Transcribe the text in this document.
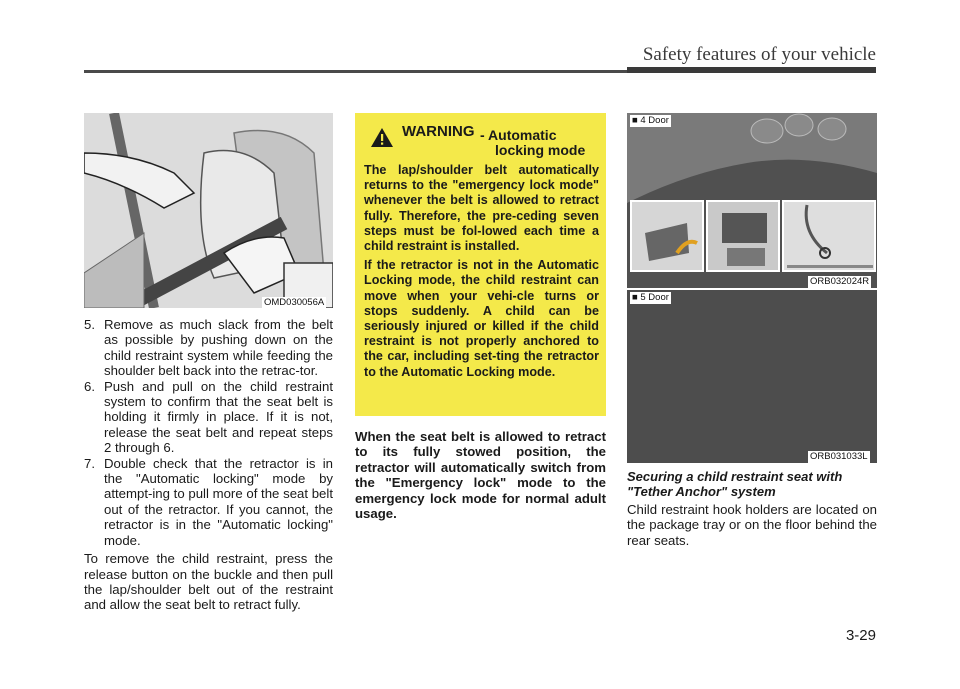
Safety features of your vehicle
OMD030056A
5. Remove as much slack from the belt as possible by pushing down on the child restraint system while feeding the shoulder belt back into the retrac-tor.
6. Push and pull on the child restraint system to confirm that the seat belt is holding it firmly in place. If it is not, release the seat belt and repeat steps 2 through 6.
7. Double check that the retractor is in the "Automatic locking" mode by attempt-ing to pull more of the seat belt out of the retractor. If you cannot, the retractor is in the "Automatic locking" mode.

To remove the child restraint, press the release button on the buckle and then pull the lap/shoulder belt out of the restraint and allow the seat belt to retract fully.

WARNING - Automatic
locking mode

The lap/shoulder belt automatically returns to the "emergency lock mode" whenever the belt is allowed to retract fully. Therefore, the pre-ceding seven steps must be fol-lowed each time a child restraint is installed.

If the retractor is not in the Automatic Locking mode, the child restraint can move when your vehi-cle turns or stops suddenly. A child can be seriously injured or killed if the child restraint is not properly anchored to the car, including set-ting the retractor to the Automatic Locking mode.

When the seat belt is allowed to retract to its fully stowed position, the retractor will automatically switch from the "Emergency lock" mode to the emergency lock mode for normal adult usage.
■ 4 Door
ORB032024R
■ 5 Door
ORB031033L
Securing a child restraint seat with "Tether Anchor" system
Child restraint hook holders are located on the package tray or on the floor behind the rear seats.
3-29
